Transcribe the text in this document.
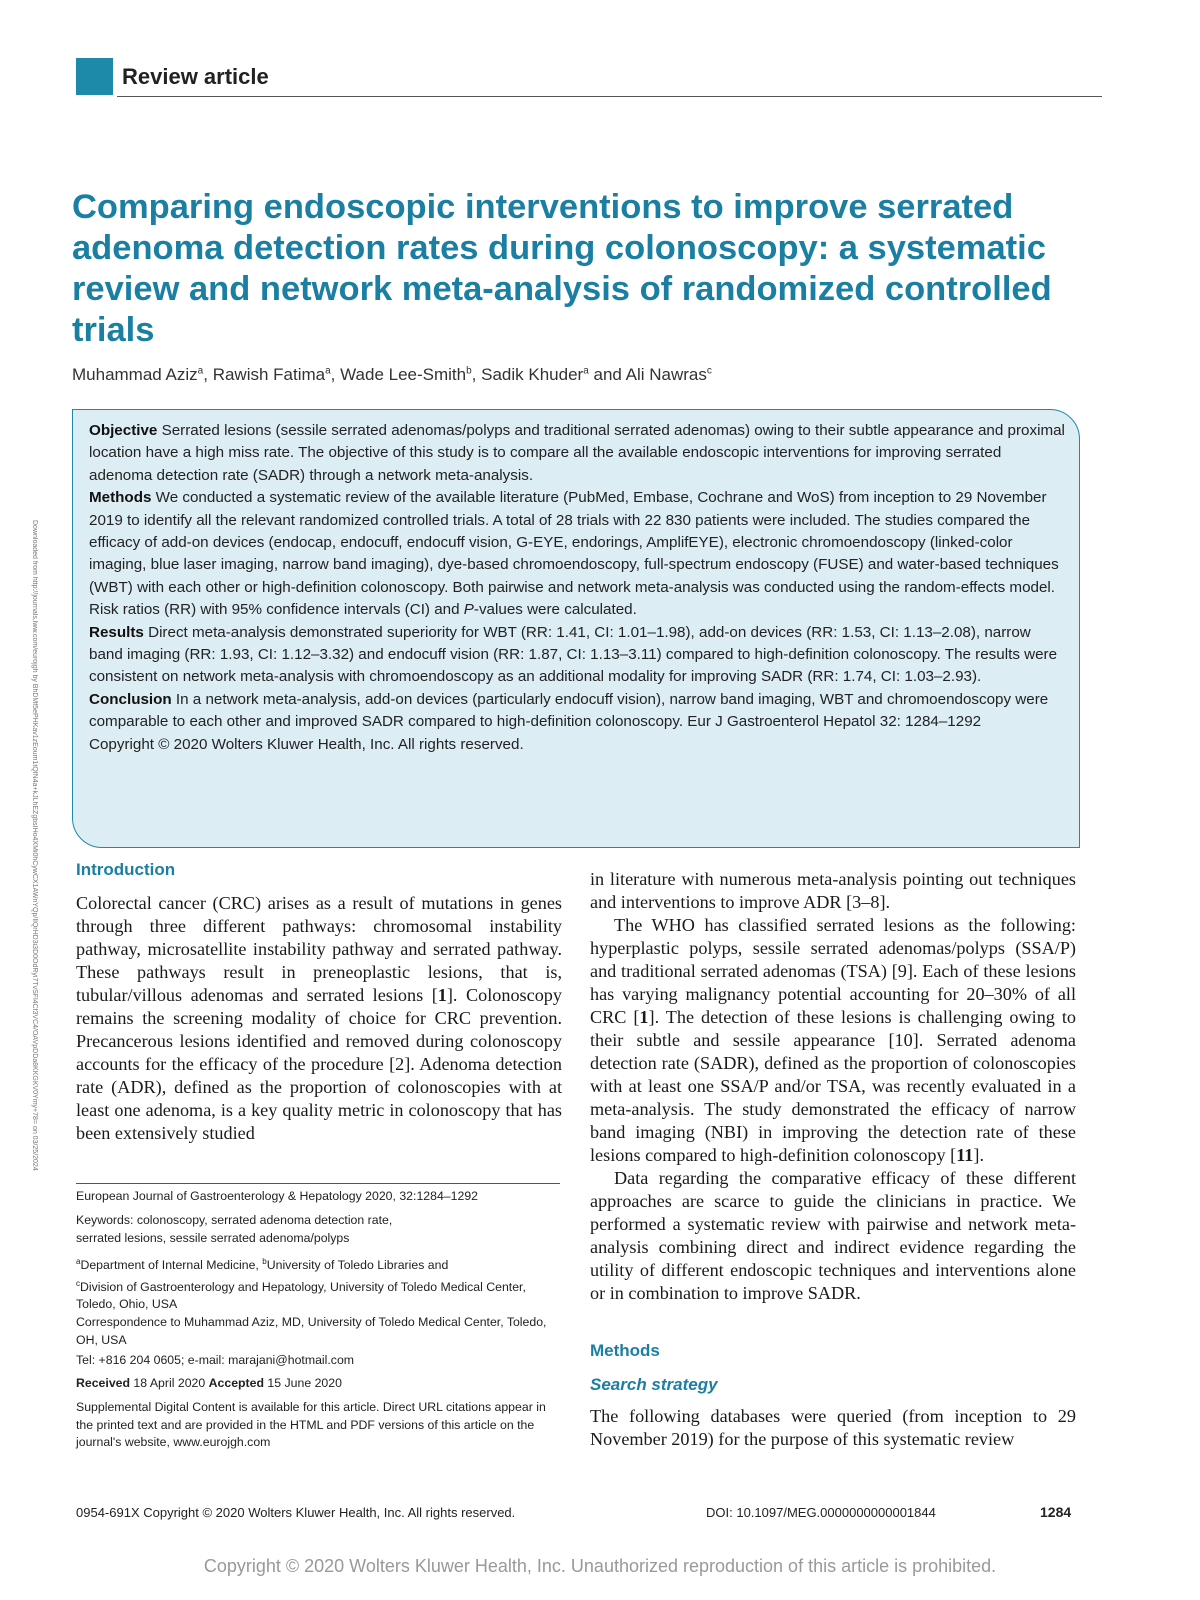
Review article
Comparing endoscopic interventions to improve serrated adenoma detection rates during colonoscopy: a systematic review and network meta-analysis of randomized controlled trials

Muhammad Aziz$^a$, Rawish Fatima$^a$, Wade Lee-Smith$^b$, Sadik Khuder$^a$ and Ali Nawras$^c$

Objective Serrated lesions (sessile serrated adenomas/polyps and traditional serrated adenomas) owing to their subtle appearance and proximal location have a high miss rate. The objective of this study is to compare all the available endoscopic interventions for improving serrated adenoma detection rate (SADR) through a network meta-analysis.
Methods We conducted a systematic review of the available literature (PubMed, Embase, Cochrane and WoS) from inception to 29 November 2019 to identify all the relevant randomized controlled trials. A total of 28 trials with 22 830 patients were included. The studies compared the efficacy of add-on devices (endocap, endocuff, endocuff vision, G-EYE, endorings, AmplifEYE), electronic chromoendoscopy (linked-color imaging, blue laser imaging, narrow band imaging), dye-based chromoendoscopy, full-spectrum endoscopy (FUSE) and water-based techniques (WBT) with each other or high-definition colonoscopy. Both pairwise and network meta-analysis was conducted using the random-effects model. Risk ratios (RR) with 95% confidence intervals (CI) and P-values were calculated.
Results Direct meta-analysis demonstrated superiority for WBT (RR: 1.41, CI: 1.01–1.98), add-on devices (RR: 1.53, CI: 1.13–2.08), narrow band imaging (RR: 1.93, CI: 1.12–3.32) and endocuff vision (RR: 1.87, CI: 1.13–3.11) compared to high-definition colonoscopy. The results were consistent on network meta-analysis with chromoendoscopy as an additional modality for improving SADR (RR: 1.74, CI: 1.03–2.93).
Conclusion In a network meta-analysis, add-on devices (particularly endocuff vision), narrow band imaging, WBT and chromoendoscopy were comparable to each other and improved SADR compared to high-definition colonoscopy. Eur J Gastroenterol Hepatol 32: 1284–1292
Copyright © 2020 Wolters Kluwer Health, Inc. All rights reserved.

Downloaded from http://journals.lww.com/eurojgh by BhDMf5ePHKav1zEoum1tQfN4a+kJLhEZgbsIHo4XMi0hCywCX1AWnYQp/IlQrHD3i3D0OdRyi7TvSFl4Cf3VC4/OAVpDDa8KKGKV0Ymy+78= on 03/25/2024 Introduction

Colorectal cancer (CRC) arises as a result of mutations in genes through three different pathways: chromosomal instability pathway, microsatellite instability pathway and serrated pathway. These pathways result in preneoplastic lesions, that is, tubular/villous adenomas and serrated lesions [1]. Colonoscopy remains the screening modality of choice for CRC prevention. Precancerous lesions identified and removed during colonoscopy accounts for the efficacy of the procedure [2]. Adenoma detection rate (ADR), defined as the proportion of colonoscopies with at least one adenoma, is a key quality metric in colonoscopy that has been extensively studied

European Journal of Gastroenterology & Hepatology 2020, 32:1284–1292

Keywords: colonoscopy, serrated adenoma detection rate,
serrated lesions, sessile serrated adenoma/polyps

$^a$Department of Internal Medicine, $^b$University of Toledo Libraries and
$^c$Division of Gastroenterology and Hepatology, University of Toledo Medical Center, Toledo, Ohio, USA

Correspondence to Muhammad Aziz, MD, University of Toledo Medical Center, Toledo, OH, USA

Tel: +816 204 0605; e-mail: marajani@hotmail.com

Received 18 April 2020 Accepted 15 June 2020

Supplemental Digital Content is available for this article. Direct URL citations appear in the printed text and are provided in the HTML and PDF versions of this article on the journal's website, www.eurojgh.com

in literature with numerous meta-analysis pointing out techniques and interventions to improve ADR [3–8].

The WHO has classified serrated lesions as the following: hyperplastic polyps, sessile serrated adenomas/polyps (SSA/P) and traditional serrated adenomas (TSA) [9]. Each of these lesions has varying malignancy potential accounting for 20–30% of all CRC [1]. The detection of these lesions is challenging owing to their subtle and sessile appearance [10]. Serrated adenoma detection rate (SADR), defined as the proportion of colonoscopies with at least one SSA/P and/or TSA, was recently evaluated in a meta-analysis. The study demonstrated the efficacy of narrow band imaging (NBI) in improving the detection rate of these lesions compared to high-definition colonoscopy [11].

Data regarding the comparative efficacy of these different approaches are scarce to guide the clinicians in practice. We performed a systematic review with pairwise and network meta-analysis combining direct and indirect evidence regarding the utility of different endoscopic techniques and interventions alone or in combination to improve SADR.

Methods
Search strategy

The following databases were queried (from inception to 29 November 2019) for the purpose of this systematic review

0954-691X Copyright © 2020 Wolters Kluwer Health, Inc. All rights reserved.	DOI: 10.1097/MEG.0000000000001844	1284
Copyright © 2020 Wolters Kluwer Health, Inc. Unauthorized reproduction of this article is prohibited.
